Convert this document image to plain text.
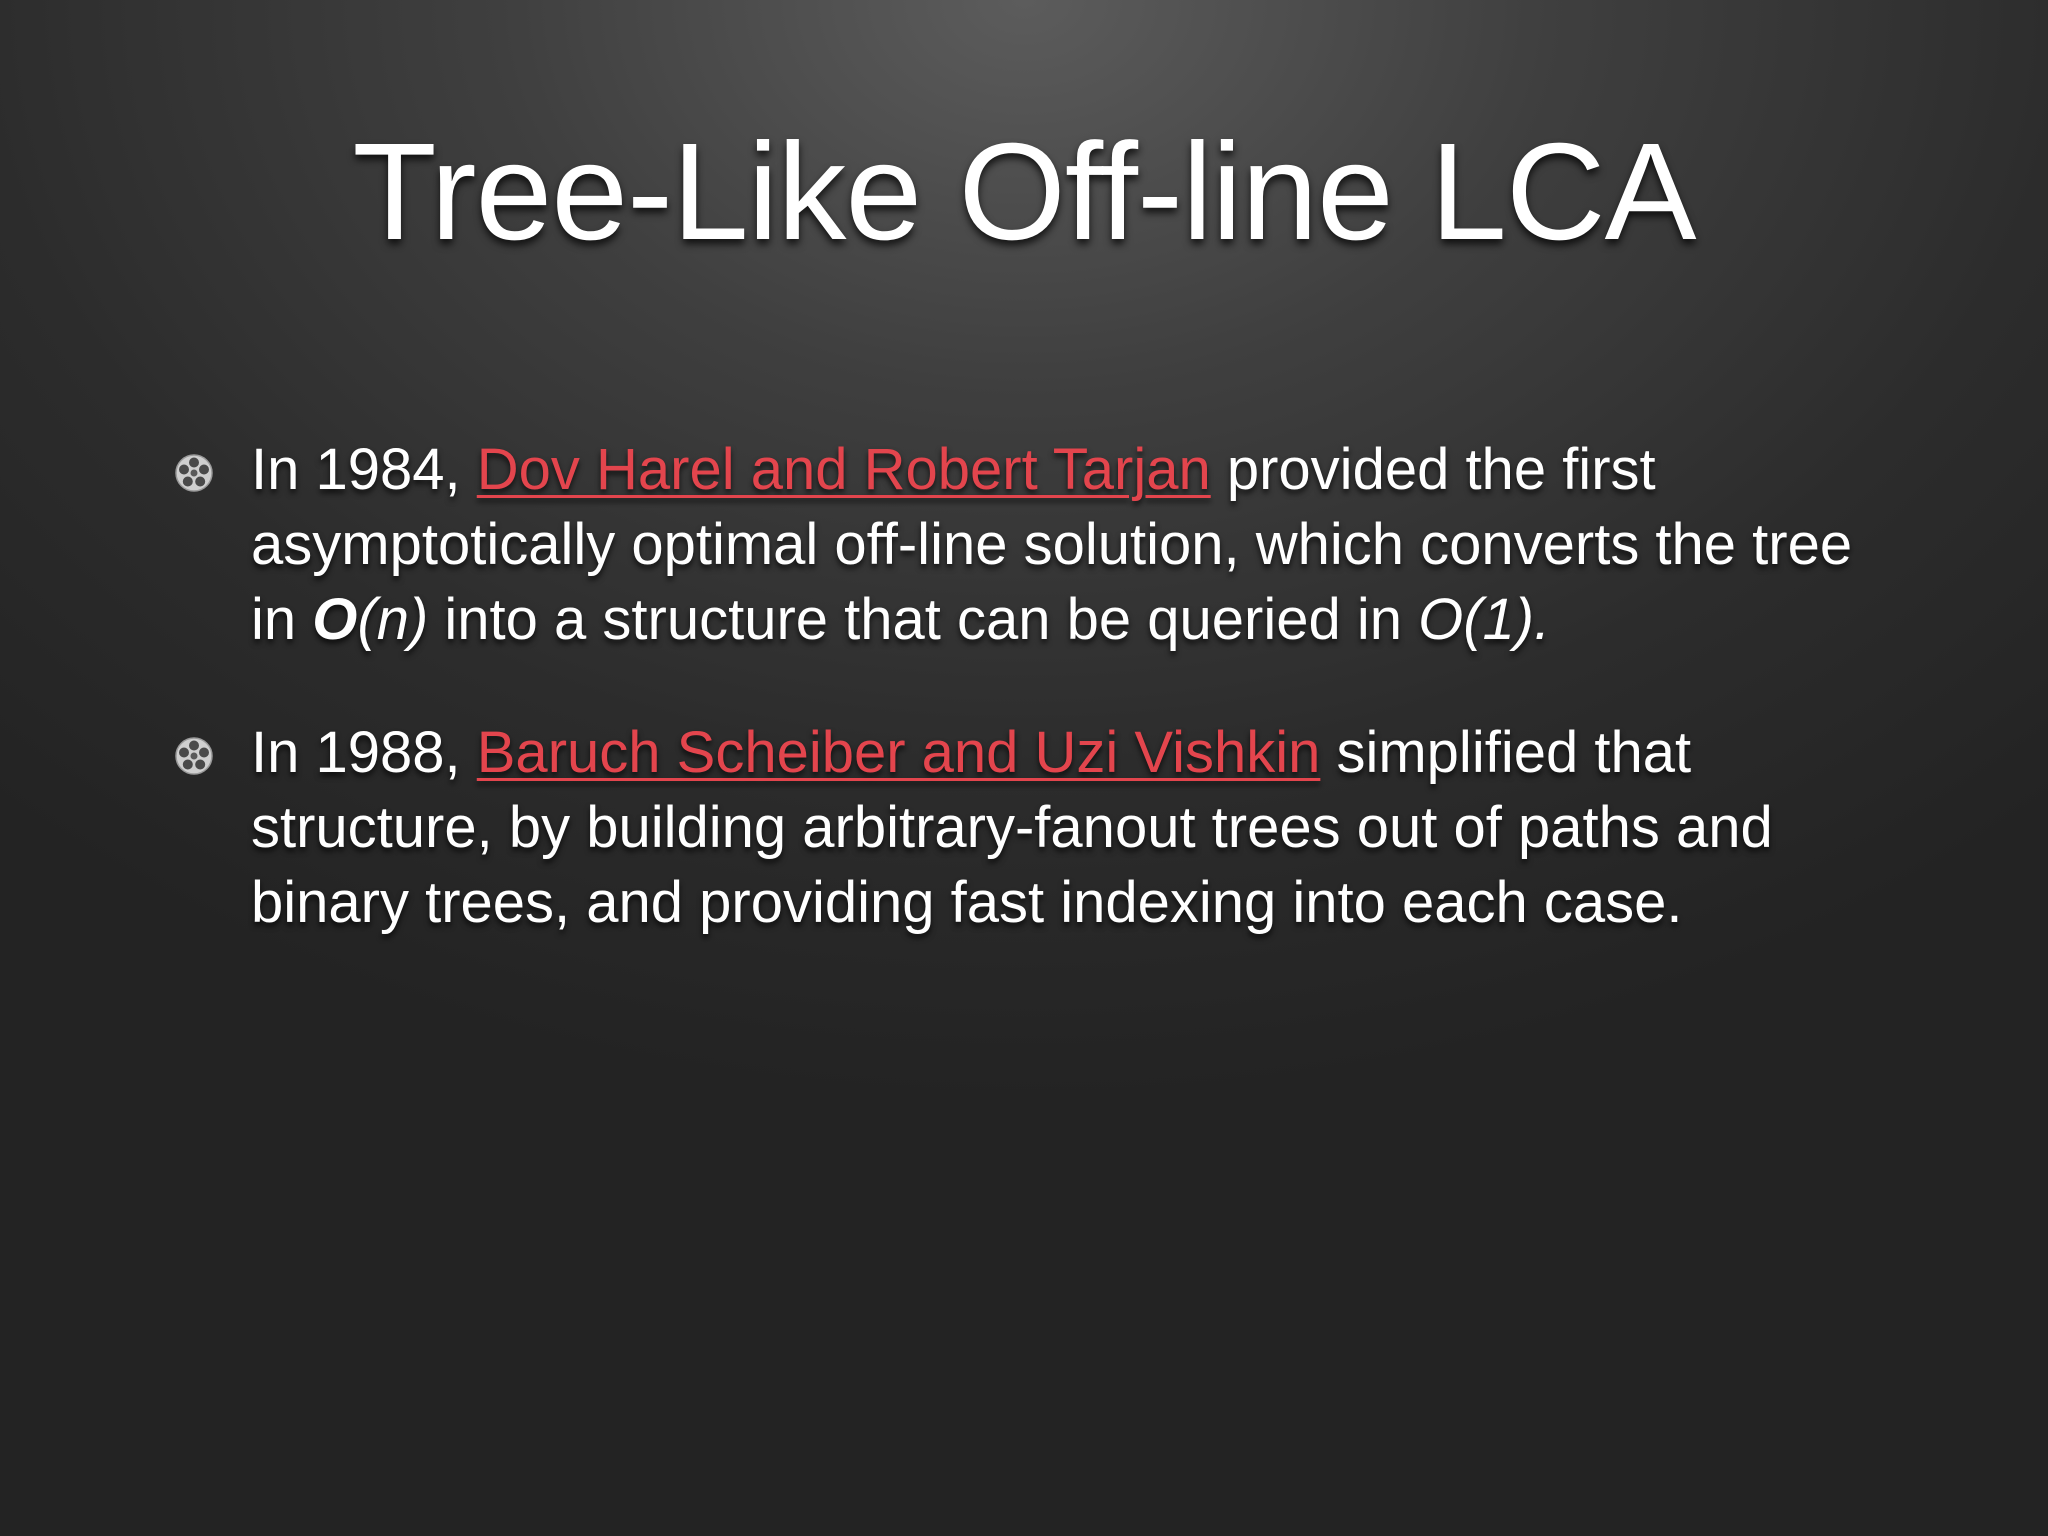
Tree-Like Off-line LCA
In 1984, Dov Harel and Robert Tarjan provided the first asymptotically optimal off-line solution, which converts the tree in O(n) into a structure that can be queried in O(1).
In 1988, Baruch Scheiber and Uzi Vishkin simplified that structure, by building arbitrary-fanout trees out of paths and binary trees, and providing fast indexing into each case.
